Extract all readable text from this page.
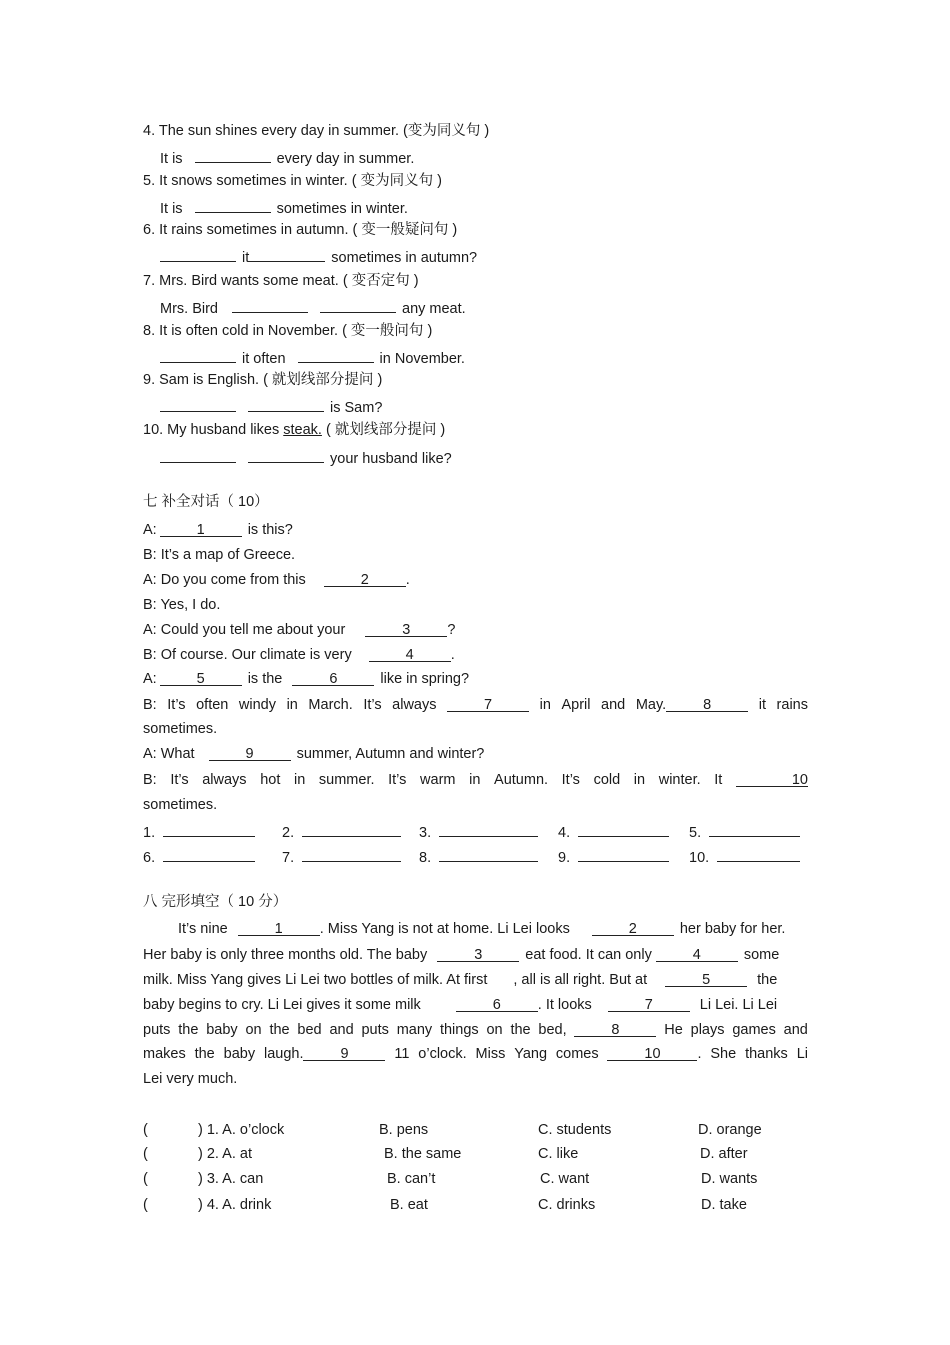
4. The sun shines every day in summer. (变为同义句 )
It is	every day in summer.
5. It snows sometimes in winter. ( 变为同义句 )
It is	sometimes in winter.
6. It rains sometimes in autumn. ( 变一般疑问句 )
it	sometimes in autumn?
7. Mrs. Bird wants some meat. ( 变否定句 )
Mrs. Bird	any meat.
8. It is often cold in November. ( 变一般问句 )
it often	in November.
9. Sam is English. ( 就划线部分提问 )
is Sam?
10. My husband likes steak. ( 就划线部分提问 )
your husband like?
七 补全对话（ 10）
A:	1	is this?
B: It’s a map of Greece.
A: Do you come from this	2	.
B: Yes, I do.
A: Could you tell me about your	3	?
B: Of course. Our climate is very	4	.
A:	5	is the	6	like in spring?
B: It’s often windy in March. It’s always	7	in April and May.	8	it rains
sometimes.
A: What	9	summer, Autumn and winter?
B: It’s always hot in summer. It’s warm in Autumn. It’s cold in winter. It	10
sometimes.
1.	2.	3.	4.	5.
6.	7.	8.	9.	10.
八 完形填空（ 10 分）
It’s nine	1	. Miss Yang is not at home. Li Lei looks	2	her baby for her.
Her baby is only three months old. The baby	3	eat food. It can only	4	some
milk. Miss Yang gives Li Lei two bottles of milk. At first , all is all right. But at	5	the
baby begins to cry. Li Lei gives it some milk	6	. It looks	7	Li Lei. Li Lei
puts the baby on the bed and puts many things on the bed,	8	He plays games and
makes the baby laugh.	9	11 o’clock. Miss Yang comes	10	. She thanks Li
Lei very much.
(	) 1. A. o’clock	B. pens	C. students	D. orange
(	) 2. A. at	B. the same	C. like	D. after
(	) 3. A. can	B. can’t	C. want	D. wants
(	) 4. A. drink	B. eat	C. drinks	D. take
